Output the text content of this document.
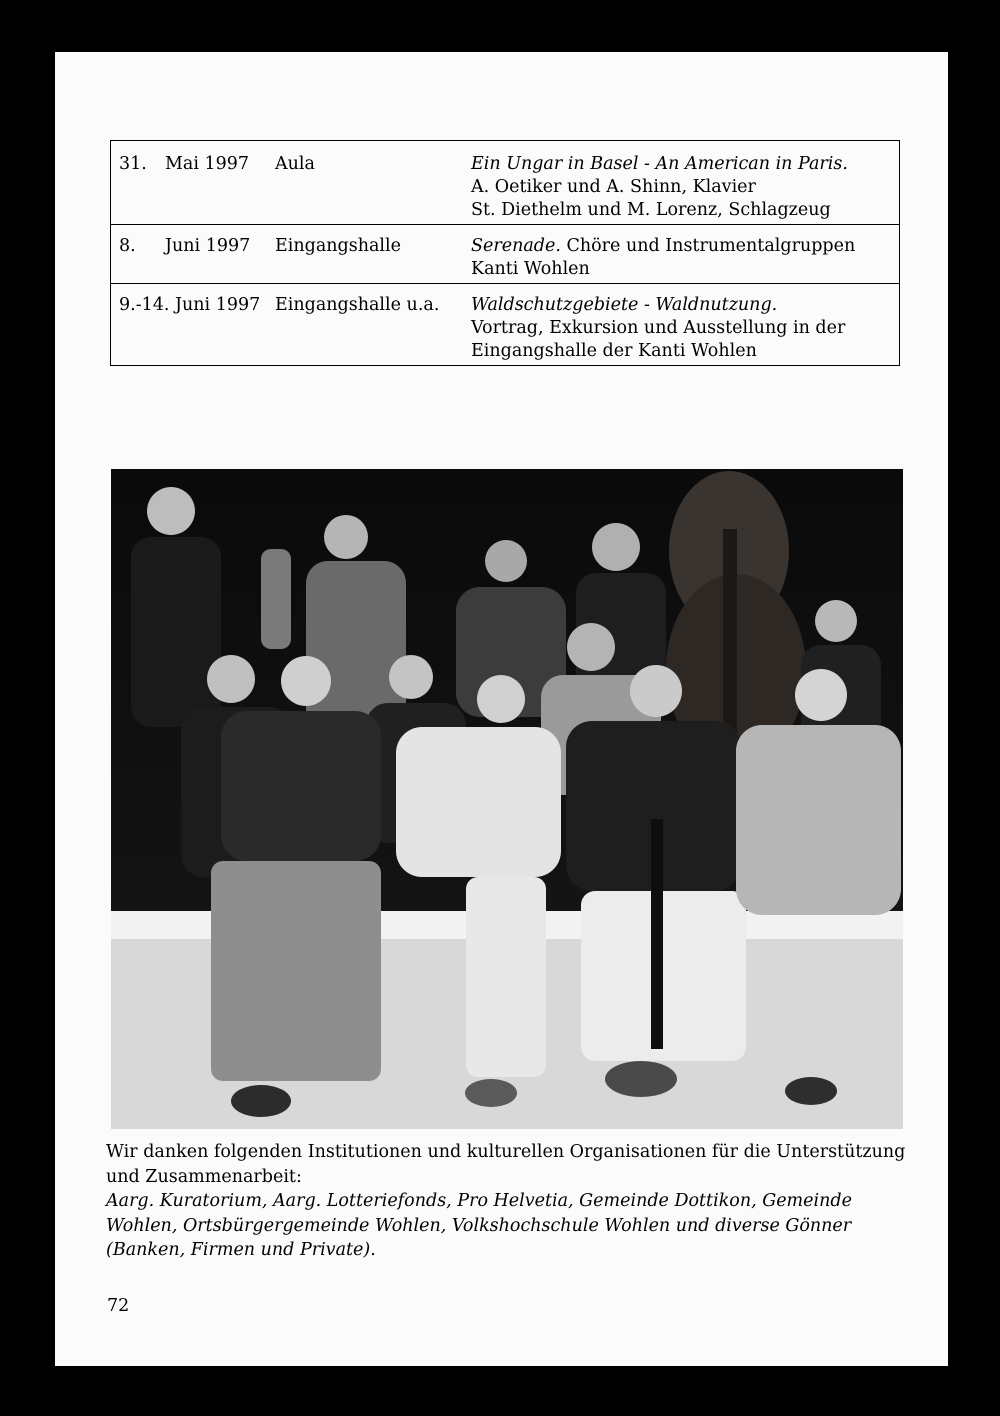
31.	Mai 1997	Aula	Ein Ungar in Basel - An American in Paris.
A. Oetiker und A. Shinn, Klavier
St. Diethelm und M. Lorenz, Schlagzeug

8.	Juni 1997	Eingangshalle	Serenade. Chöre und Instrumentalgruppen
Kanti Wohlen

9.-14. Juni 1997		Eingangshalle u.a.	Waldschutzgebiete - Waldnutzung.
Vortrag, Exkursion und Ausstellung in der
Eingangshalle der Kanti Wohlen
Wir danken folgenden Institutionen und kulturellen Organisationen für die Unterstützung und Zusammenarbeit:
Aarg. Kuratorium, Aarg. Lotteriefonds, Pro Helvetia, Gemeinde Dottikon, Gemeinde Wohlen, Ortsbürgergemeinde Wohlen, Volkshochschule Wohlen und diverse Gönner (Banken, Firmen und Private).
72
